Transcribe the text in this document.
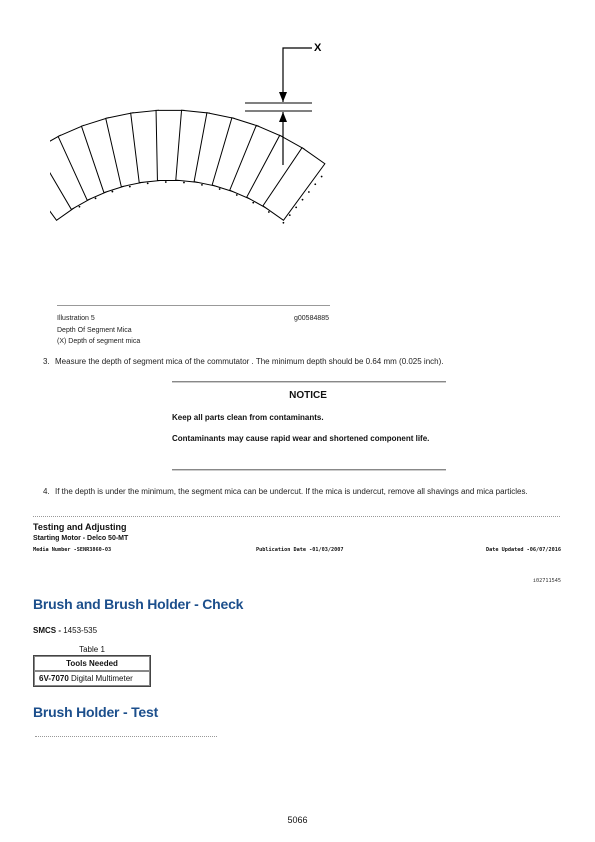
X
Illustration 5	g00584885
Depth Of Segment Mica
(X) Depth of segment mica
3. Measure the depth of segment mica of the commutator . The minimum depth should be 0.64 mm (0.025 inch).
NOTICE
Keep all parts clean from contaminants.
Contaminants may cause rapid wear and shortened component life.
4. If the depth is under the minimum, the segment mica can be undercut. If the mica is undercut, remove all shavings and mica particles.
Testing and Adjusting
Starting Motor - Delco 50-MT
Media Number -SENR3860-03	Publication Date -01/03/2007	Date Updated -06/07/2016
i02711545
Brush and Brush Holder - Check
SMCS - 1453-535
Table 1
Tools Needed
6V-7070 Digital Multimeter
Brush Holder - Test
5066
